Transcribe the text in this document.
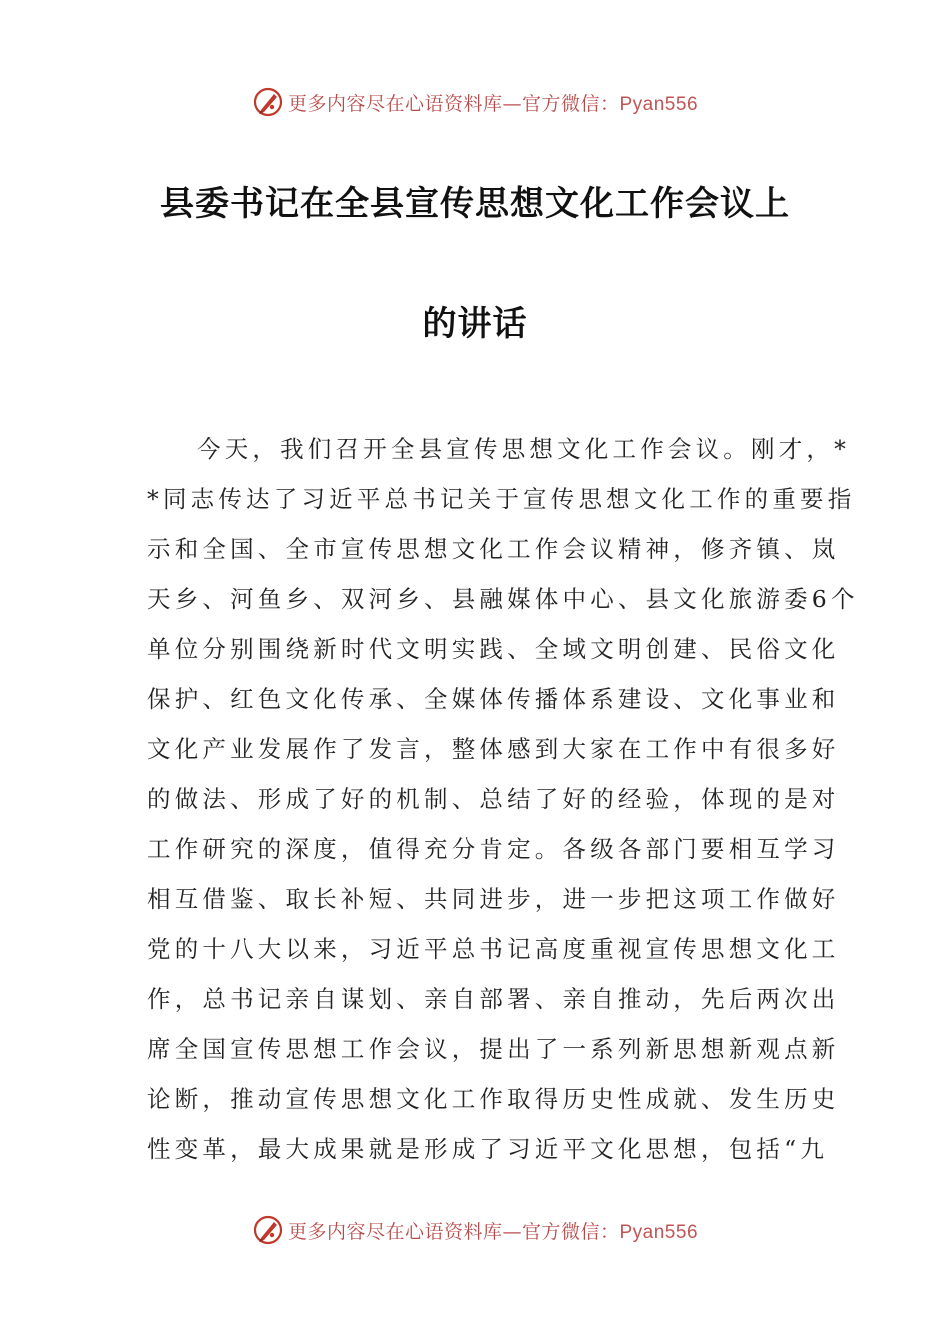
更多内容尽在心语资料库—官方微信：Pyan556
县委书记在全县宣传思想文化工作会议上
的讲话
今天，我们召开全县宣传思想文化工作会议。刚才，*
*同志传达了习近平总书记关于宣传思想文化工作的重要指
示和全国、全市宣传思想文化工作会议精神，修齐镇、岚
天乡、河鱼乡、双河乡、县融媒体中心、县文化旅游委6个
单位分别围绕新时代文明实践、全域文明创建、民俗文化
保护、红色文化传承、全媒体传播体系建设、文化事业和
文化产业发展作了发言，整体感到大家在工作中有很多好
的做法、形成了好的机制、总结了好的经验，体现的是对
工作研究的深度，值得充分肯定。各级各部门要相互学习
相互借鉴、取长补短、共同进步，进一步把这项工作做好
党的十八大以来，习近平总书记高度重视宣传思想文化工
作，总书记亲自谋划、亲自部署、亲自推动，先后两次出
席全国宣传思想工作会议，提出了一系列新思想新观点新
论断，推动宣传思想文化工作取得历史性成就、发生历史
性变革，最大成果就是形成了习近平文化思想，包括“九
更多内容尽在心语资料库—官方微信：Pyan556
